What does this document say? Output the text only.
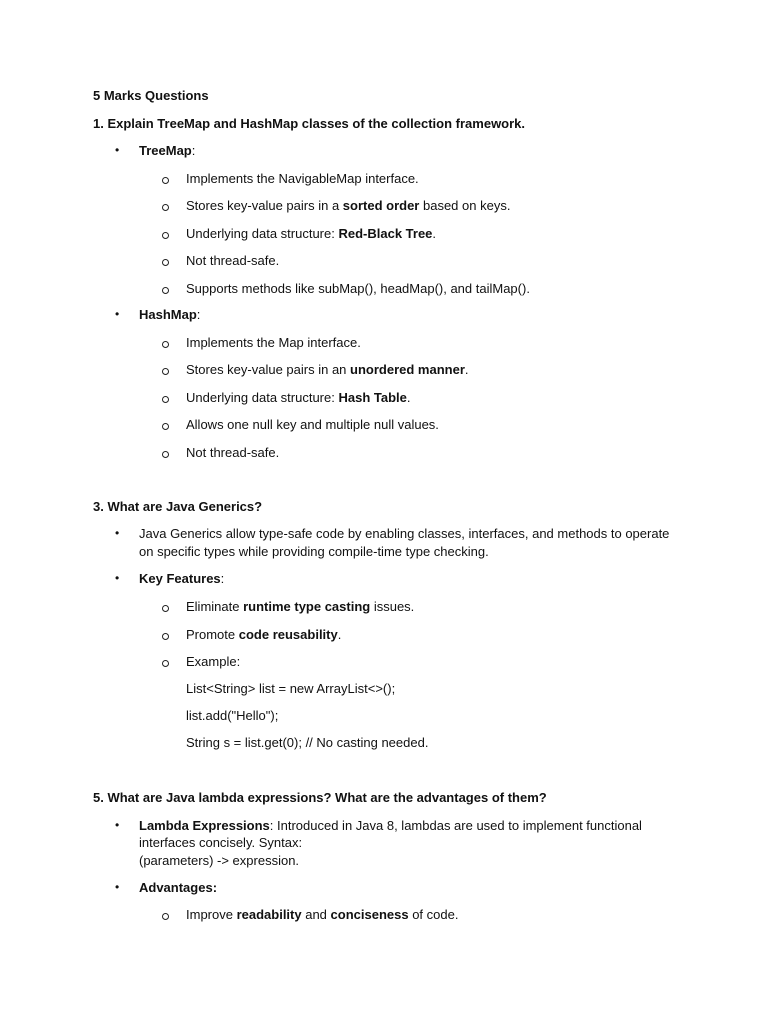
5 Marks Questions
1. Explain TreeMap and HashMap classes of the collection framework.
• TreeMap:
Implements the NavigableMap interface.
Stores key-value pairs in a sorted order based on keys.
Underlying data structure: Red-Black Tree.
Not thread-safe.
Supports methods like subMap(), headMap(), and tailMap().
• HashMap:
Implements the Map interface.
Stores key-value pairs in an unordered manner.
Underlying data structure: Hash Table.
Allows one null key and multiple null values.
Not thread-safe.
3. What are Java Generics?
• Java Generics allow type-safe code by enabling classes, interfaces, and methods to operate
on specific types while providing compile-time type checking.
• Key Features:
Eliminate runtime type casting issues.
Promote code reusability.
Example:
List<String> list = new ArrayList<>();
list.add("Hello");
String s = list.get(0); // No casting needed.
5. What are Java lambda expressions? What are the advantages of them?
• Lambda Expressions: Introduced in Java 8, lambdas are used to implement functional
interfaces concisely. Syntax:
(parameters) -> expression.
• Advantages:
Improve readability and conciseness of code.
